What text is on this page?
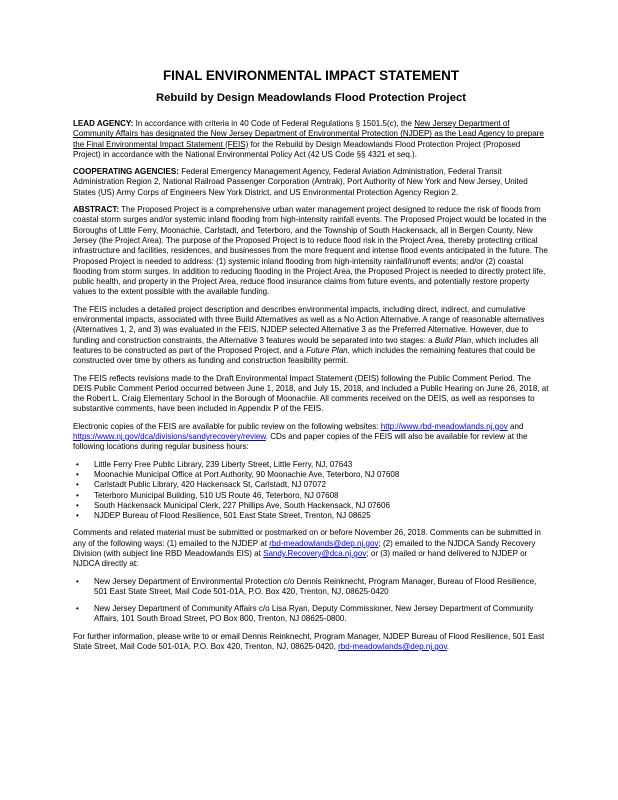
FINAL ENVIRONMENTAL IMPACT STATEMENT
Rebuild by Design Meadowlands Flood Protection Project

LEAD AGENCY: In accordance with criteria in 40 Code of Federal Regulations § 1501.5(c), the New Jersey Department of Community Affairs has designated the New Jersey Department of Environmental Protection (NJDEP) as the Lead Agency to prepare the Final Environmental Impact Statement (FEIS) for the Rebuild by Design Meadowlands Flood Protection Project (Proposed Project) in accordance with the National Environmental Policy Act (42 US Code §§ 4321 et seq.).

COOPERATING AGENCIES: Federal Emergency Management Agency, Federal Aviation Administration, Federal Transit Administration Region 2, National Railroad Passenger Corporation (Amtrak), Port Authority of New York and New Jersey, United States (US) Army Corps of Engineers New York District, and US Environmental Protection Agency Region 2.

ABSTRACT: The Proposed Project is a comprehensive urban water management project designed to reduce the risk of floods from coastal storm surges and/or systemic inland flooding from high-intensity rainfall events. The Proposed Project would be located in the Boroughs of Little Ferry, Moonachie, Carlstadt, and Teterboro, and the Township of South Hackensack, all in Bergen County, New Jersey (the Project Area). The purpose of the Proposed Project is to reduce flood risk in the Project Area, thereby protecting critical infrastructure and facilities, residences, and businesses from the more frequent and intense flood events anticipated in the future. The Proposed Project is needed to address: (1) systemic inland flooding from high-intensity rainfall/runoff events; and/or (2) coastal flooding from storm surges. In addition to reducing flooding in the Project Area, the Proposed Project is needed to directly protect life, public health, and property in the Project Area, reduce flood insurance claims from future events, and potentially restore property values to the extent possible with the available funding.

The FEIS includes a detailed project description and describes environmental impacts, including direct, indirect, and cumulative environmental impacts, associated with three Build Alternatives as well as a No Action Alternative. A range of reasonable alternatives (Alternatives 1, 2, and 3) was evaluated in the FEIS. NJDEP selected Alternative 3 as the Preferred Alternative. However, due to funding and construction constraints, the Alternative 3 features would be separated into two stages: a Build Plan, which includes all features to be constructed as part of the Proposed Project, and a Future Plan, which includes the remaining features that could be constructed over time by others as funding and construction feasibility permit.

The FEIS reflects revisions made to the Draft Environmental Impact Statement (DEIS) following the Public Comment Period. The DEIS Public Comment Period occurred between June 1, 2018, and July 15, 2018, and included a Public Hearing on June 26, 2018, at the Robert L. Craig Elementary School in the Borough of Moonachie. All comments received on the DEIS, as well as responses to substantive comments, have been included in Appendix P of the FEIS.

Electronic copies of the FEIS are available for public review on the following websites: http://www.rbd-meadowlands.nj.gov and https://www.nj.gov/dca/divisions/sandyrecovery/review. CDs and paper copies of the FEIS will also be available for review at the following locations during regular business hours:

• Little Ferry Free Public Library, 239 Liberty Street, Little Ferry, NJ, 07643
• Moonachie Municipal Office at Port Authority, 90 Moonachie Ave, Teterboro, NJ 07608
• Carlstadt Public Library, 420 Hackensack St, Carlstadt, NJ 07072
• Teterboro Municipal Building, 510 US Route 46, Teterboro, NJ 07608
• South Hackensack Municipal Clerk, 227 Phillips Ave, South Hackensack, NJ 07606
• NJDEP Bureau of Flood Resilience, 501 East State Street, Trenton, NJ 08625

Comments and related material must be submitted or postmarked on or before November 26, 2018. Comments can be submitted in any of the following ways: (1) emailed to the NJDEP at rbd-meadowlands@dep.nj.gov; (2) emailed to the NJDCA Sandy Recovery Division (with subject line RBD Meadowlands EIS) at Sandy.Recovery@dca.nj.gov; or (3) mailed or hand delivered to NJDEP or NJDCA directly at:

• New Jersey Department of Environmental Protection c/o Dennis Reinknecht, Program Manager, Bureau of Flood Resilience, 501 East State Street, Mail Code 501-01A, P.O. Box 420, Trenton, NJ, 08625-0420
• New Jersey Department of Community Affairs c/o Lisa Ryan, Deputy Commissioner, New Jersey Department of Community Affairs, 101 South Broad Street, PO Box 800, Trenton, NJ 08625-0800.

For further information, please write to or email Dennis Reinknecht, Program Manager, NJDEP Bureau of Flood Resilience, 501 East State Street, Mail Code 501-01A, P.O. Box 420, Trenton, NJ, 08625-0420, rbd-meadowlands@dep.nj.gov.
